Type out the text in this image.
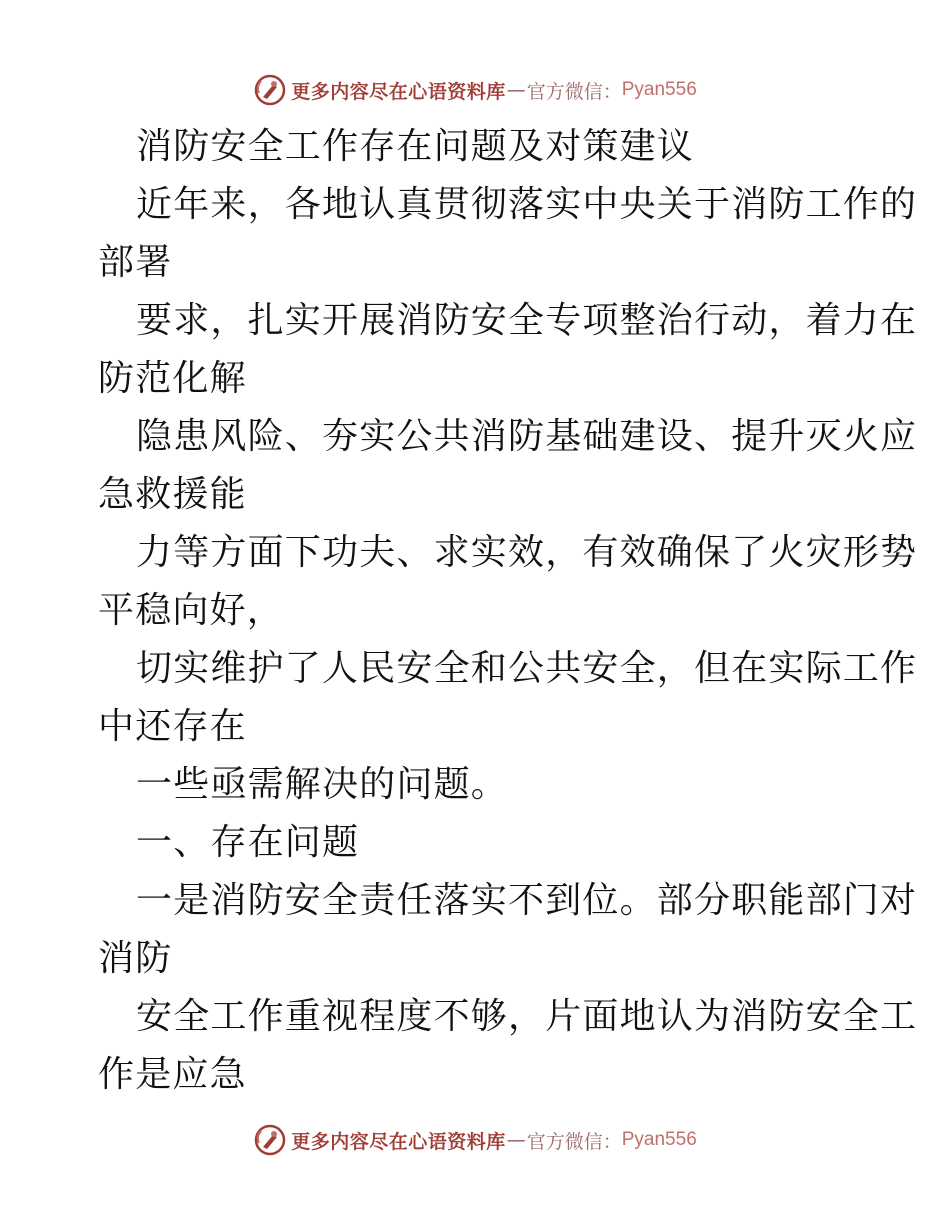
更多内容尽在心语资料库 — 官方微信： Pyan556
消防安全工作存在问题及对策建议
近年来，各地认真贯彻落实中央关于消防工作的
部署
要求，扎实开展消防安全专项整治行动，着力在
防范化解
隐患风险、夯实公共消防基础建设、提升灭火应
急救援能
力等方面下功夫、求实效，有效确保了火灾形势
平稳向好，
切实维护了人民安全和公共安全，但在实际工作
中还存在
一些亟需解决的问题。
一、存在问题
一是消防安全责任落实不到位。部分职能部门对
消防
安全工作重视程度不够，片面地认为消防安全工
作是应急
更多内容尽在心语资料库 — 官方微信： Pyan556
